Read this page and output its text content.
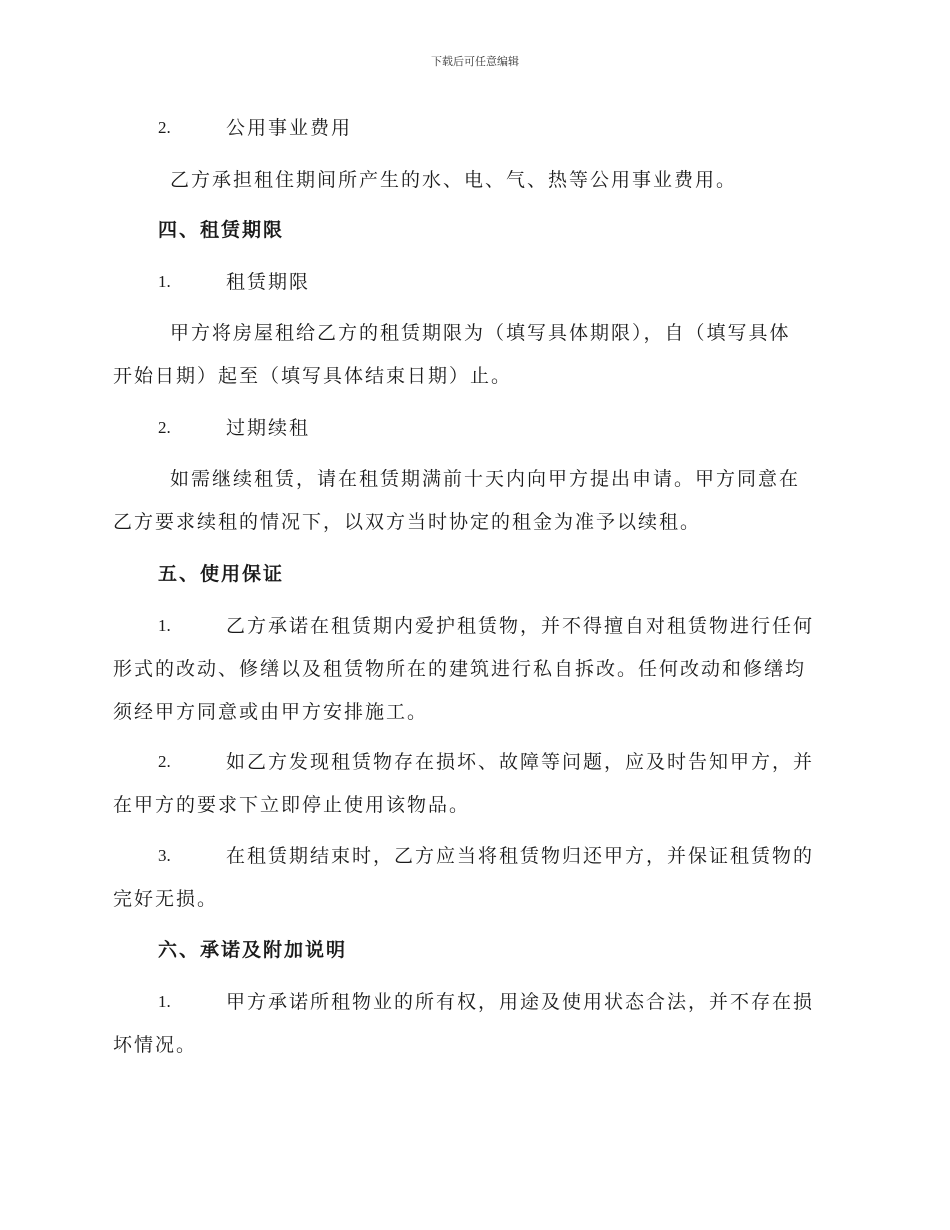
下载后可任意编辑
2.	公用事业费用
乙方承担租住期间所产生的水、电、气、热等公用事业费用。
四、租赁期限
1.	租赁期限
甲方将房屋租给乙方的租赁期限为（填写具体期限），自（填写具体
开始日期）起至（填写具体结束日期）止。
2.	过期续租
如需继续租赁，请在租赁期满前十天内向甲方提出申请。甲方同意在
乙方要求续租的情况下，以双方当时协定的租金为准予以续租。
五、使用保证
1.	乙方承诺在租赁期内爱护租赁物，并不得擅自对租赁物进行任何
形式的改动、修缮以及租赁物所在的建筑进行私自拆改。任何改动和修缮均
须经甲方同意或由甲方安排施工。
2.	如乙方发现租赁物存在损坏、故障等问题，应及时告知甲方，并
在甲方的要求下立即停止使用该物品。
3.	在租赁期结束时，乙方应当将租赁物归还甲方，并保证租赁物的
完好无损。
六、承诺及附加说明
1.	甲方承诺所租物业的所有权，用途及使用状态合法，并不存在损
坏情况。
